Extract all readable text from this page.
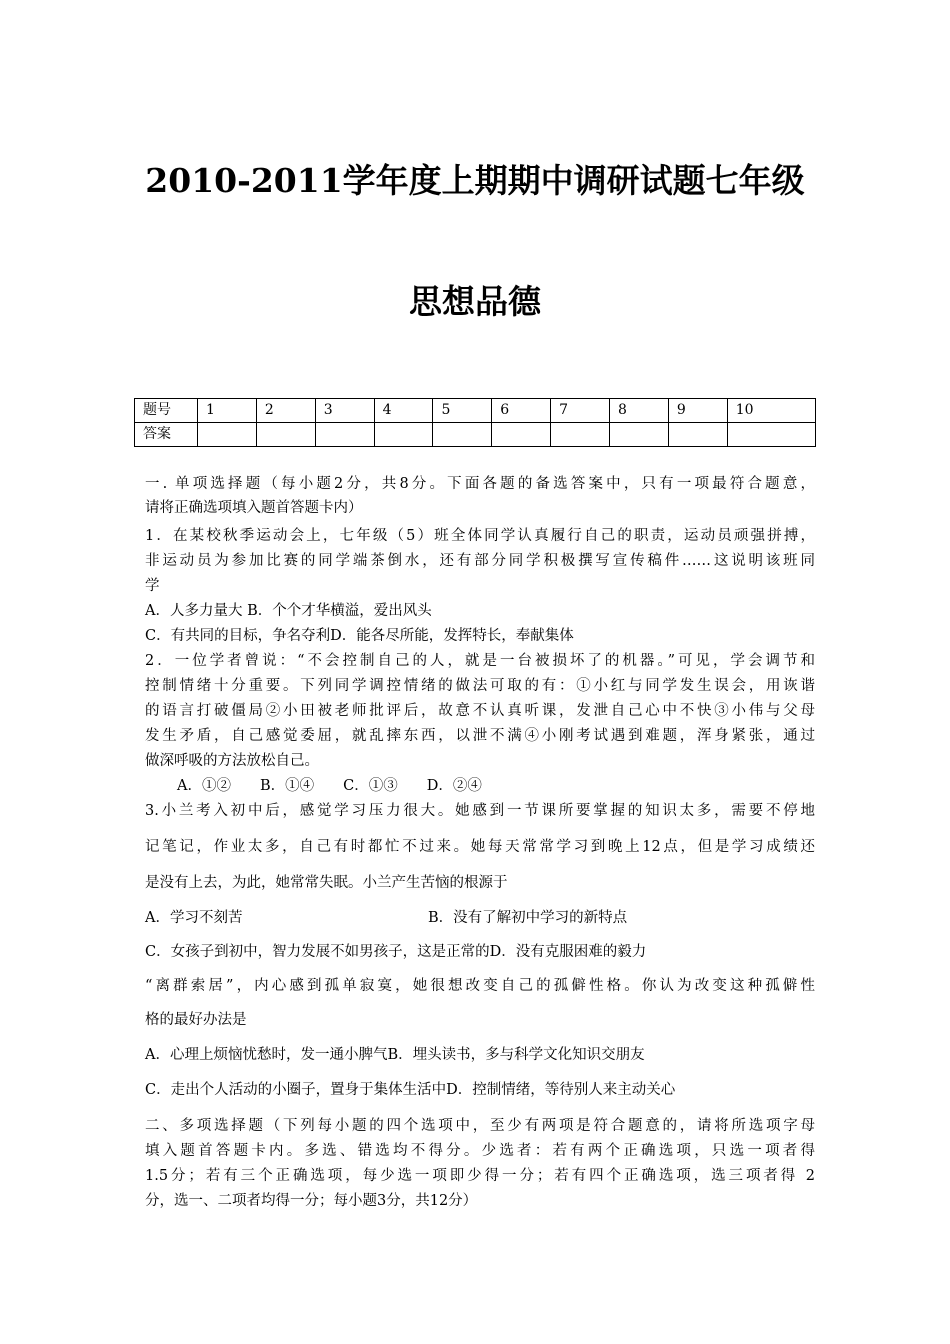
2010-2011学年度上期期中调研试题七年级
思想品德
题号	1	2	3	4	5	6	7	8	9	10
答案										
一. 单项选择题（每小题2分，共8分。下面各题的备选答案中，只有一项最符合题意，
请将正确选项填入题首答题卡内）
1．在某校秋季运动会上，七年级（5）班全体同学认真履行自己的职责，运动员顽强拼搏，
非运动员为参加比赛的同学端茶倒水，还有部分同学积极撰写宣传稿件……这说明该班同
学
A．人多力量大 B．个个才华横溢，爱出风头
C．有共同的目标，争名夺利D．能各尽所能，发挥特长，奉献集体
2．一位学者曾说：“不会控制自己的人，就是一台被损坏了的机器。”可见，学会调节和
控制情绪十分重要。下列同学调控情绪的做法可取的有：①小红与同学发生误会，用诙谐
的语言打破僵局②小田被老师批评后，故意不认真听课，发泄自己心中不快③小伟与父母
发生矛盾，自己感觉委屈，就乱摔东西，以泄不满④小刚考试遇到难题，浑身紧张，通过
做深呼吸的方法放松自己。
A．①②　　B．①④　　C．①③　　D．②④
3.小兰考入初中后，感觉学习压力很大。她感到一节课所要掌握的知识太多，需要不停地
记笔记，作业太多，自己有时都忙不过来。她每天常常学习到晚上12点，但是学习成绩还
是没有上去，为此，她常常失眠。小兰产生苦恼的根源于
A．学习不刻苦	B．没有了解初中学习的新特点
C．女孩子到初中，智力发展不如男孩子，这是正常的D．没有克服困难的毅力
“离群索居”，内心感到孤单寂寞，她很想改变自己的孤僻性格。你认为改变这种孤僻性
格的最好办法是
A．心理上烦恼忧愁时，发一通小脾气B．埋头读书，多与科学文化知识交朋友
C．走出个人活动的小圈子，置身于集体生活中D．控制情绪，等待别人来主动关心
二、多项选择题（下列每小题的四个选项中，至少有两项是符合题意的，请将所选项字母
填入题首答题卡内。多选、错选均不得分。少选者：若有两个正确选项，只选一项者得
1.5分；若有三个正确选项，每少选一项即少得一分；若有四个正确选项，选三项者得 2
分，选一、二项者均得一分；每小题3分，共12分）
